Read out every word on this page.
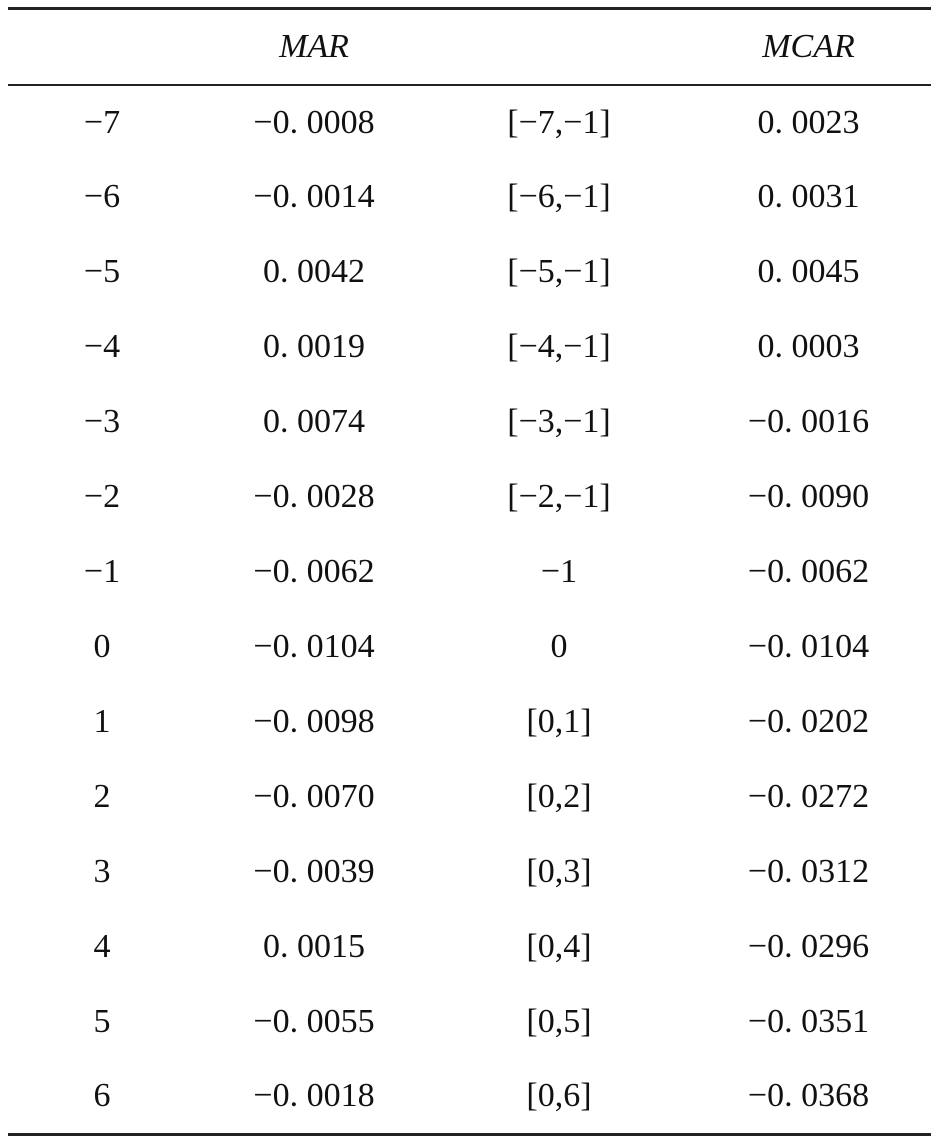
	MAR		MCAR
−7	−0. 0008	[−7,−1]	0. 0023
−6	−0. 0014	[−6,−1]	0. 0031
−5	0. 0042	[−5,−1]	0. 0045
−4	0. 0019	[−4,−1]	0. 0003
−3	0. 0074	[−3,−1]	−0. 0016
−2	−0. 0028	[−2,−1]	−0. 0090
−1	−0. 0062	−1	−0. 0062
0	−0. 0104	0	−0. 0104
1	−0. 0098	[0,1]	−0. 0202
2	−0. 0070	[0,2]	−0. 0272
3	−0. 0039	[0,3]	−0. 0312
4	0. 0015	[0,4]	−0. 0296
5	−0. 0055	[0,5]	−0. 0351
6	−0. 0018	[0,6]	−0. 0368
